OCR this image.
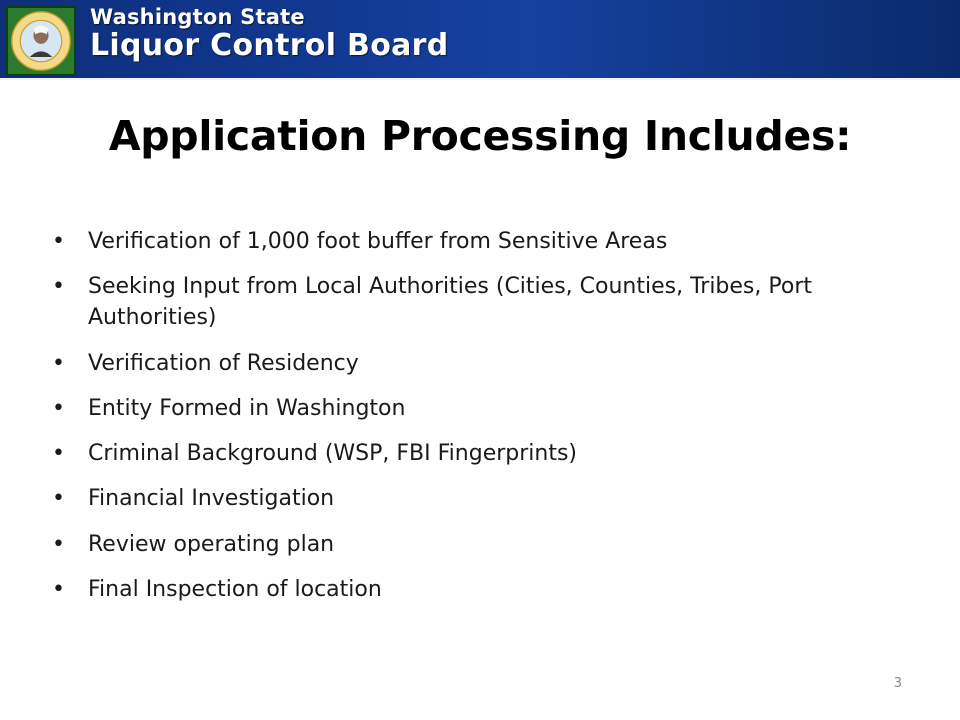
Washington State
Liquor Control Board
Application Processing Includes:
• Verification of 1,000 foot buffer from Sensitive Areas
• Seeking Input from Local Authorities (Cities, Counties, Tribes, Port Authorities)
• Verification of Residency
• Entity Formed in Washington
• Criminal Background (WSP, FBI Fingerprints)
• Financial Investigation
• Review operating plan
• Final Inspection of location
3
